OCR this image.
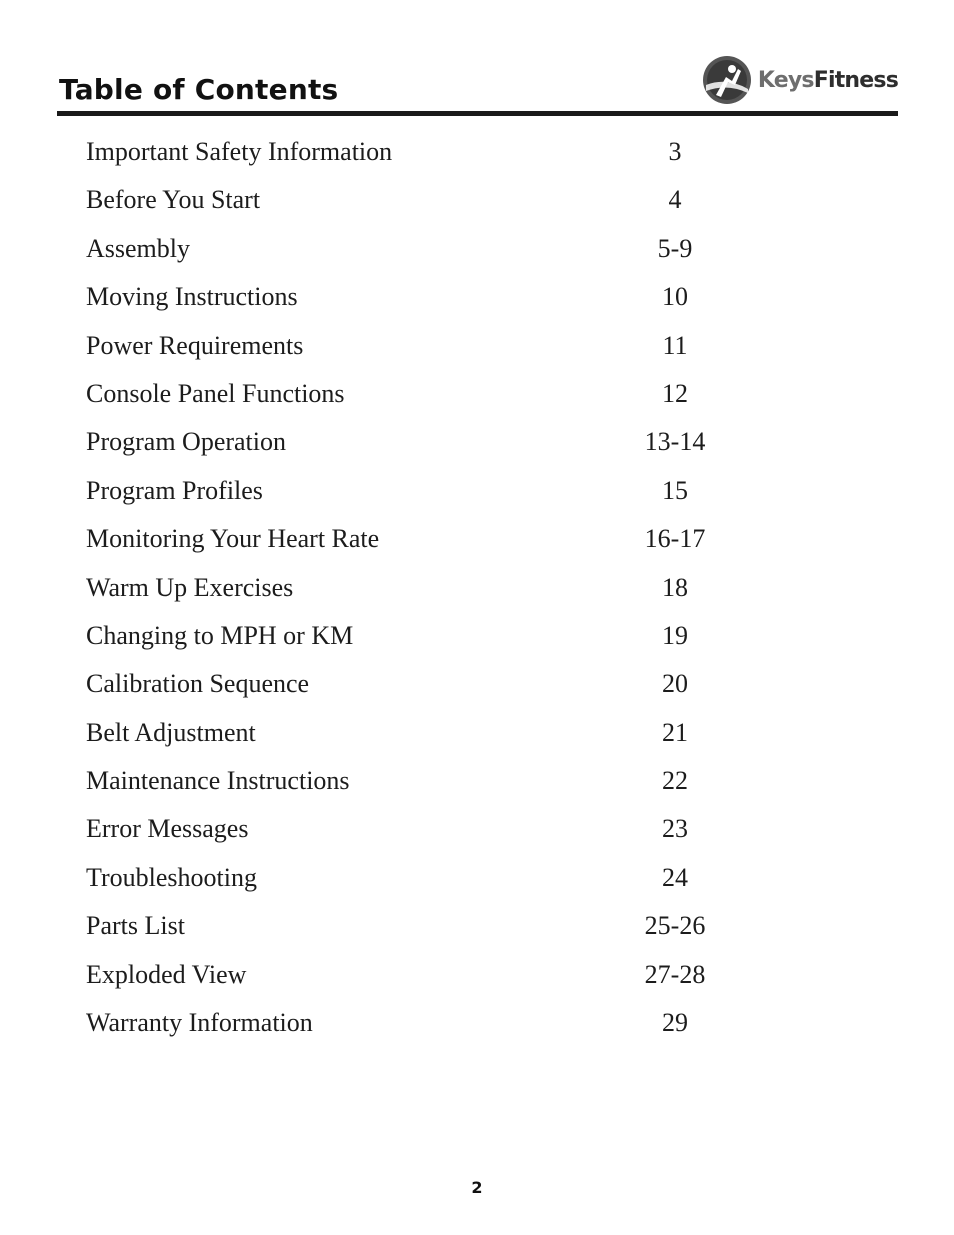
Table of Contents	Keys Fitness
Important Safety Information	3
Before You Start	4
Assembly	5-9
Moving Instructions	10
Power Requirements	11
Console Panel Functions	12
Program Operation	13-14
Program Profiles	15
Monitoring Your Heart Rate	16-17
Warm Up Exercises	18
Changing to MPH or KM	19
Calibration Sequence	20
Belt Adjustment	21
Maintenance Instructions	22
Error Messages	23
Troubleshooting	24
Parts List	25-26
Exploded View	27-28
Warranty Information	29
2
